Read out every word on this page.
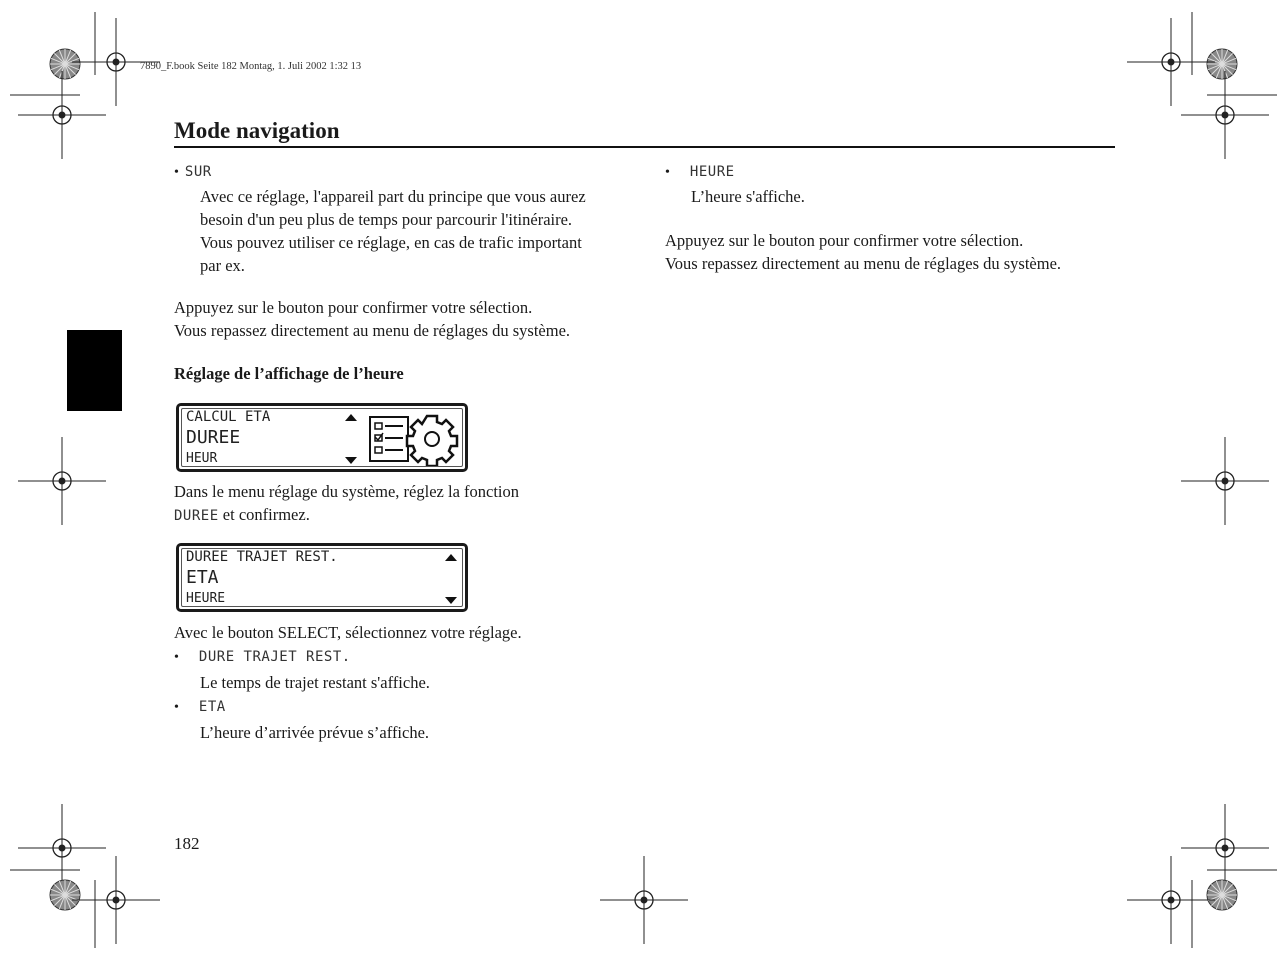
7890_F.book Seite 182 Montag, 1. Juli 2002 1:32 13
Mode navigation
• SUR
Avec ce réglage, l'appareil part du principe que vous aurez
besoin d'un peu plus de temps pour parcourir l'itinéraire.
Vous pouvez utiliser ce réglage, en cas de trafic important
par ex.
Appuyez sur le bouton pour confirmer votre sélection.
Vous repassez directement au menu de réglages du système.
Réglage de l’affichage de l’heure
CALCUL ETA
DUREE
HEUR
Dans le menu réglage du système, réglez la fonction
DUREE et confirmez.
DUREE TRAJET REST.
ETA
HEURE
Avec le bouton SELECT, sélectionnez votre réglage.
• DURE TRAJET REST.
Le temps de trajet restant s'affiche.
• ETA
L’heure d’arrivée prévue s’affiche.
• HEURE
L’heure s'affiche.
Appuyez sur le bouton pour confirmer votre sélection.
Vous repassez directement au menu de réglages du système.
182
